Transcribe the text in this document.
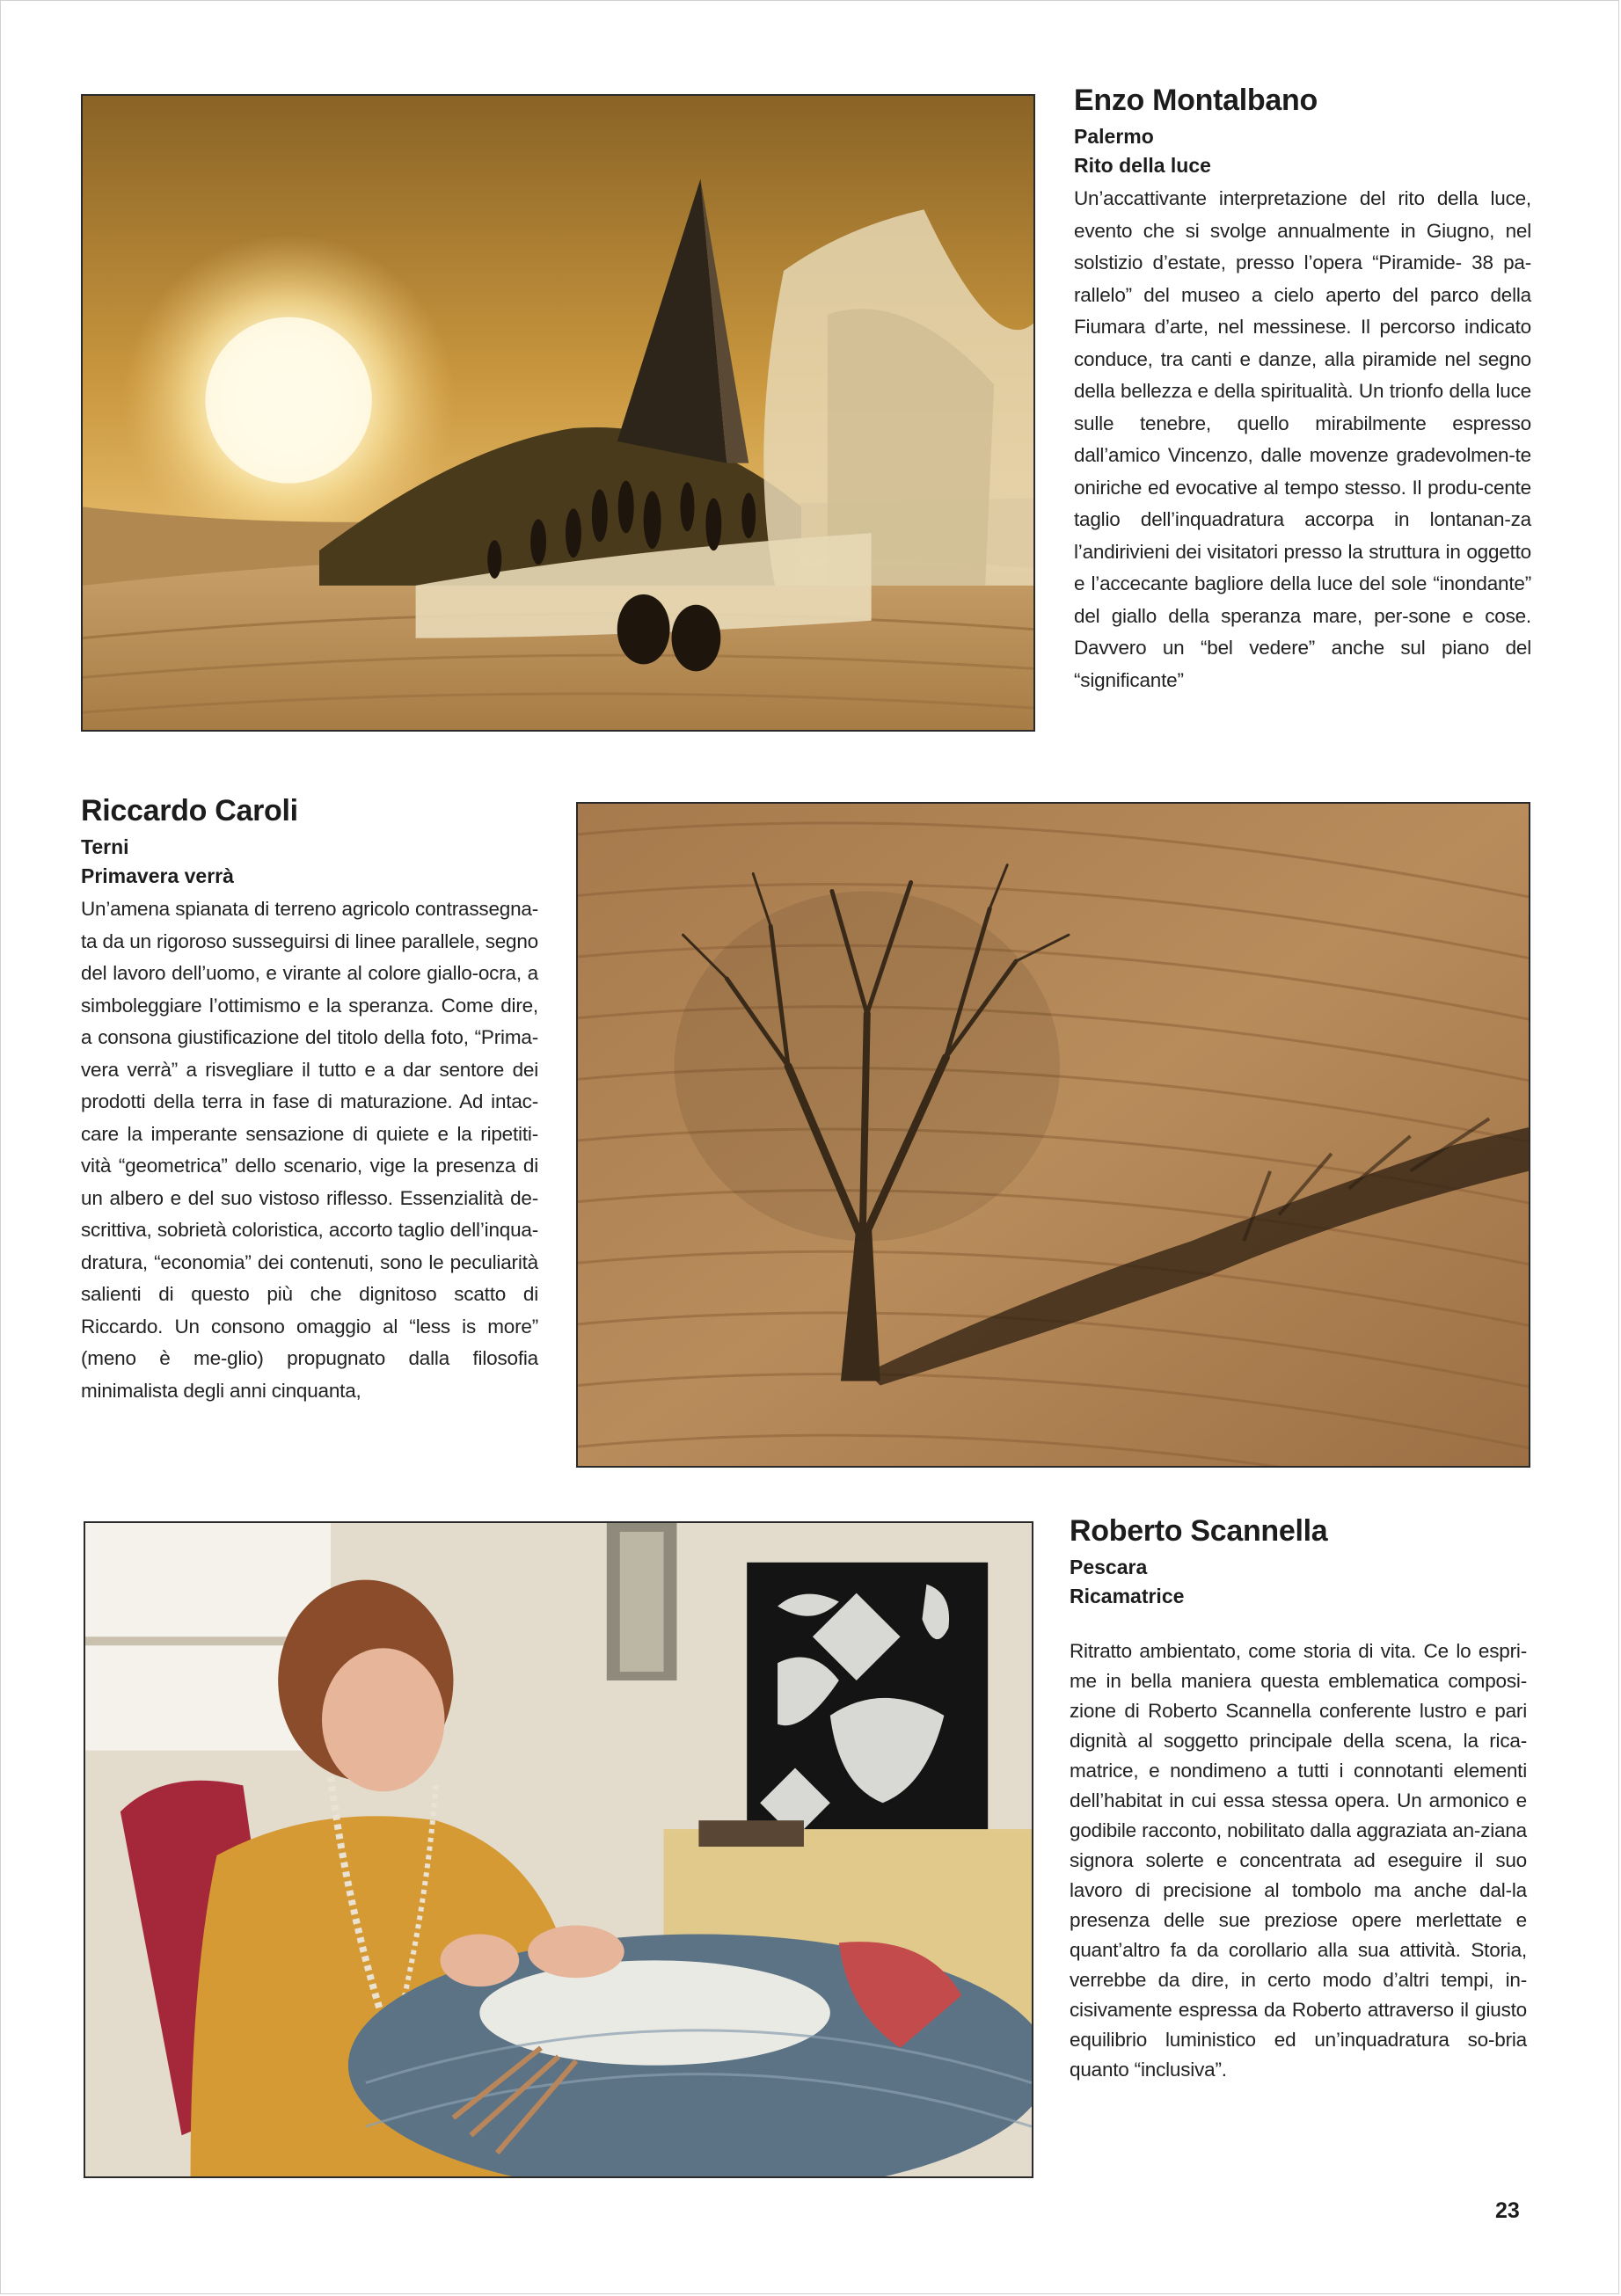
Enzo Montalbano
Palermo
Rito della luce

Un’accattivante interpretazione del rito della luce, evento che si svolge annualmente in Giugno, nel solstizio d’estate, presso l’opera “Piramide- 38 pa-rallelo” del museo a cielo aperto del parco della Fiumara d’arte, nel messinese. Il percorso indicato conduce, tra canti e danze, alla piramide nel segno della bellezza e della spiritualità. Un trionfo della luce sulle tenebre, quello mirabilmente espresso dall’amico Vincenzo, dalle movenze gradevolmen-te oniriche ed evocative al tempo stesso. Il produ-cente taglio dell’inquadratura accorpa in lontanan-za l’andirivieni dei visitatori presso la struttura in oggetto e l’accecante bagliore della luce del sole “inondante” del giallo della speranza mare, per-sone e cose. Davvero un “bel vedere” anche sul piano del “significante”

Riccardo Caroli
Terni
Primavera verrà

Un’amena spianata di terreno agricolo contrassegna-ta da un rigoroso susseguirsi di linee parallele, segno del lavoro dell’uomo, e virante al colore giallo-ocra, a simboleggiare l’ottimismo e la speranza. Come dire, a consona giustificazione del titolo della foto, “Prima-vera verrà” a risvegliare il tutto e a dar sentore dei prodotti della terra in fase di maturazione. Ad intac-care la imperante sensazione di quiete e la ripetiti-vità “geometrica” dello scenario, vige la presenza di un albero e del suo vistoso riflesso. Essenzialità de-scrittiva, sobrietà coloristica, accorto taglio dell’inqua-dratura, “economia” dei contenuti, sono le peculiarità salienti di questo più che dignitoso scatto di Riccardo. Un consono omaggio al “less is more” (meno è me-glio) propugnato dalla filosofia minimalista degli anni cinquanta,

Roberto Scannella
Pescara
Ricamatrice

Ritratto ambientato, come storia di vita. Ce lo espri-me in bella maniera questa emblematica composi-zione di Roberto Scannella conferente lustro e pari dignità al soggetto principale della scena, la rica-matrice, e nondimeno a tutti i connotanti elementi dell’habitat in cui essa stessa opera. Un armonico e godibile racconto, nobilitato dalla aggraziata an-ziana signora solerte e concentrata ad eseguire il suo lavoro di precisione al tombolo ma anche dal-la presenza delle sue preziose opere merlettate e quant’altro fa da corollario alla sua attività. Storia, verrebbe da dire, in certo modo d’altri tempi, in-cisivamente espressa da Roberto attraverso il giusto equilibrio luministico ed un’inquadratura so-bria quanto “inclusiva”.

23
